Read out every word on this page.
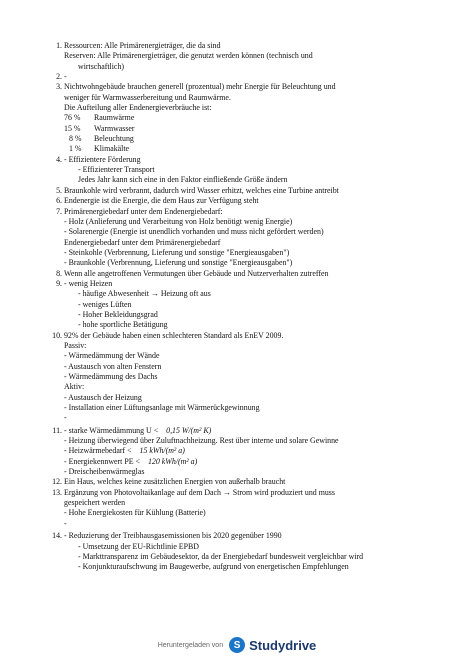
1. Ressourcen: Alle Primärenergieträger, die da sind
Reserven: Alle Primärenergieträger, die genutzt werden können (technisch und
wirtschaftlich)
2. -
3. Nichtwohngebäude brauchen generell (prozentual) mehr Energie für Beleuchtung und
weniger für Warmwasserbereitung und Raumwärme.
Die Aufteilung aller Endenergieverbräuche ist:
76 %	Raumwärme
15 %	Warmwasser
8 %	Beleuchtung
1 %	Klimakälte
4. - Effizientere Förderung
- Effizienterer Transport
Jedes Jahr kann sich eine in den Faktor einfließende Größe ändern
5. Braunkohle wird verbrannt, dadurch wird Wasser erhitzt, welches eine Turbine antreibt
6. Endenergie ist die Energie, die dem Haus zur Verfügung steht
7. Primärenergiebedarf unter dem Endenergiebedarf:
- Holz (Anlieferung und Verarbeitung von Holz benötigt wenig Energie)
- Solarenergie (Energie ist unendlich vorhanden und muss nicht gefördert werden)
Endenergiebedarf unter dem Primärenergiebedarf
- Steinkohle (Verbrennung, Lieferung und sonstige "Energieausgaben")
- Braunkohle (Verbrennung, Lieferung und sonstige "Energieausgaben")
8. Wenn alle angetroffenen Vermutungen über Gebäude und Nutzerverhalten zutreffen
9. - wenig Heizen
- häufige Abwesenheit → Heizung oft aus
- weniges Lüften
- Hoher Bekleidungsgrad
- hohe sportliche Betätigung
10. 92% der Gebäude haben einen schlechteren Standard als EnEV 2009.
Passiv:
- Wärmedämmung der Wände
- Austausch von alten Fenstern
- Wärmedämmung des Dachs
Aktiv:
- Austausch der Heizung
- Installation einer Lüftungsanlage mit Wärmerückgewinnung
-
11. - starke Wärmedämmung U < 0,15 W/(m² K)
- Heizung überwiegend über Zuluftnachheizung. Rest über interne und solare Gewinne
- Heizwärmebedarf < 15 kWh/(m² a)
- Energiekennwert PE < 120 kWh/(m² a)
- Dreischeibenwärmeglas
12. Ein Haus, welches keine zusätzlichen Energien von außerhalb braucht
13. Ergänzung von Photovoltaikanlage auf dem Dach → Strom wird produziert und muss
gespeichert werden
- Hohe Energiekosten für Kühlung (Batterie)
-
14. - Reduzierung der Treibhausgasemissionen bis 2020 gegenüber 1990
- Umsetzung der EU-Richtlinie EPBD
- Markttransparenz im Gebäudesektor, da der Energiebedarf bundesweit vergleichbar wird
- Konjunkturaufschwung im Baugewerbe, aufgrund von energetischen Empfehlungen
Heruntergeladen von	S Studydrive
